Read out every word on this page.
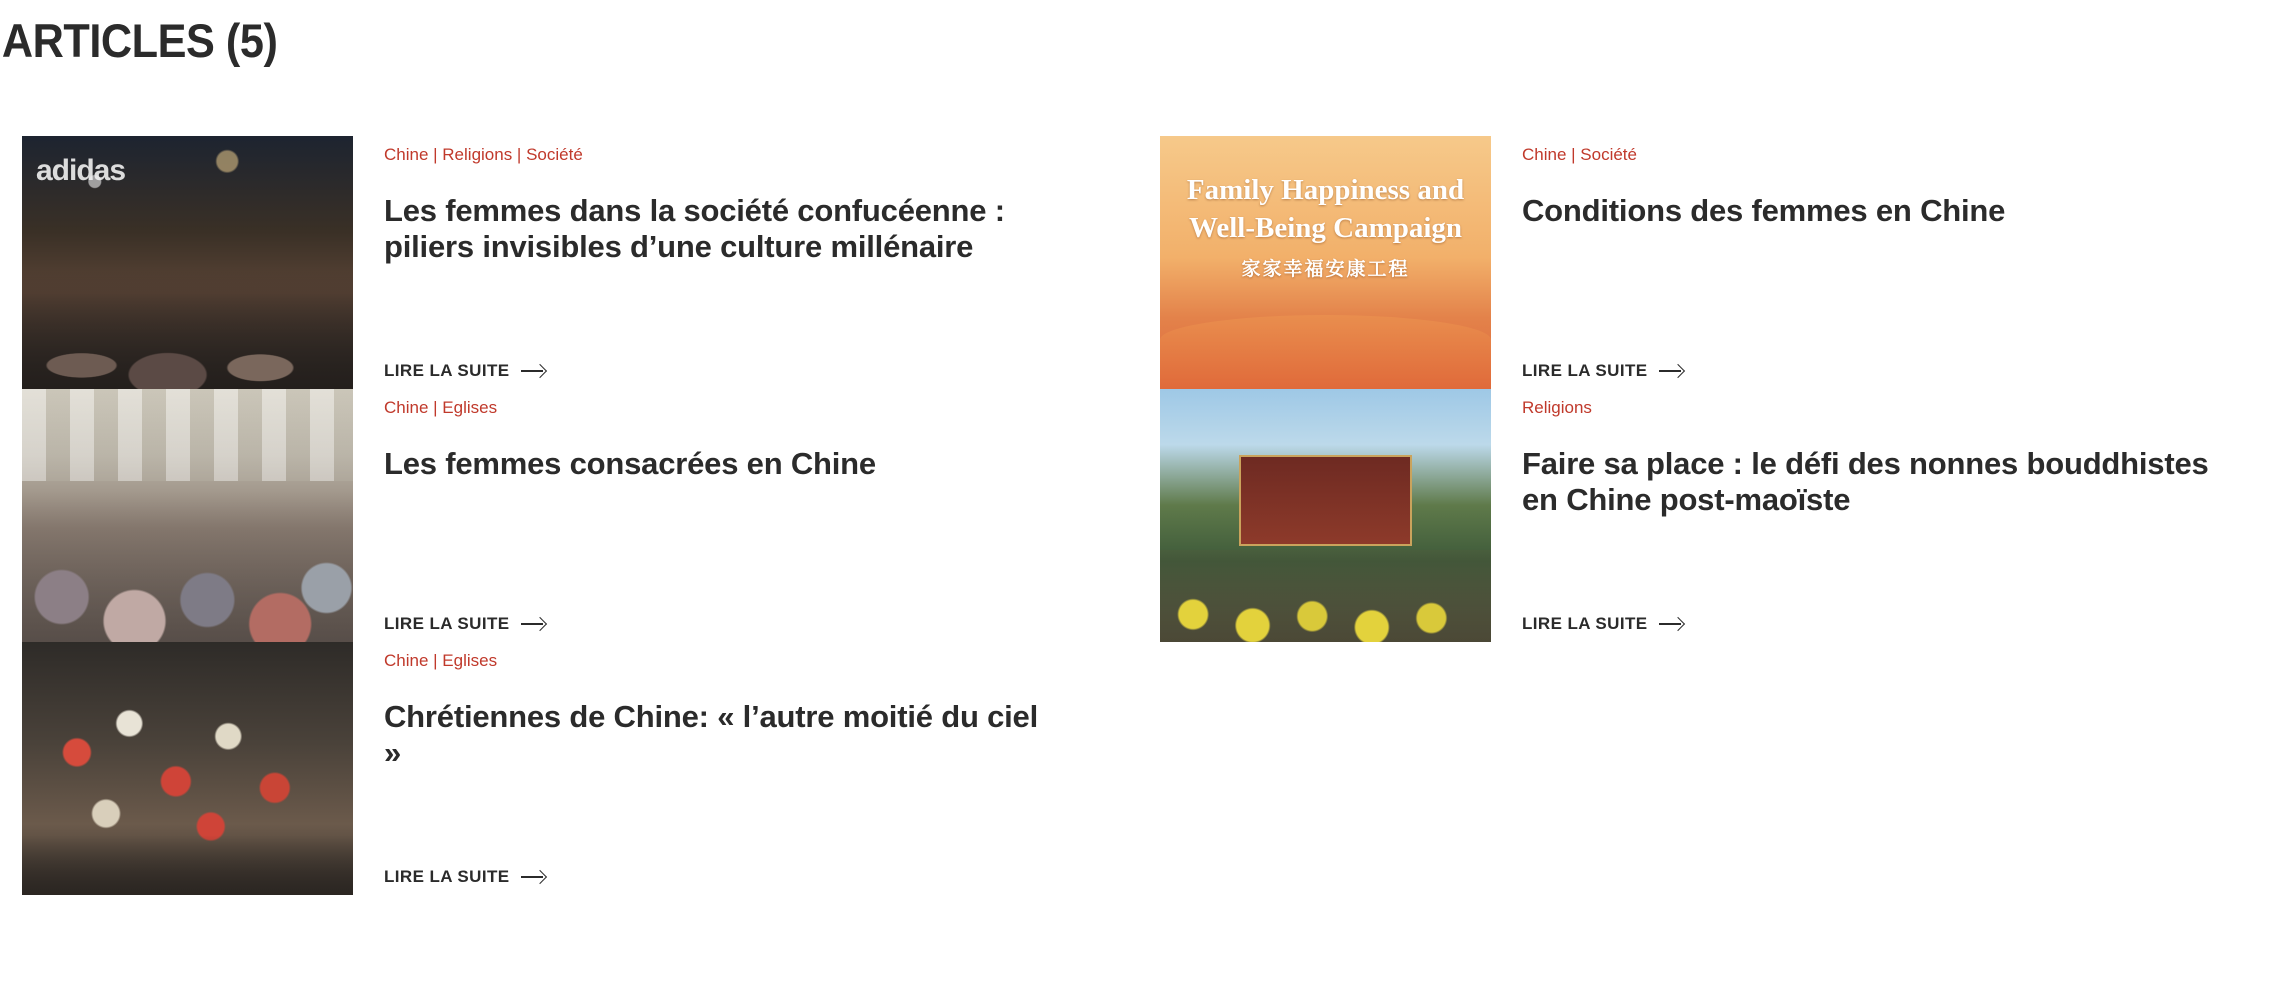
ARTICLES (5)
adidas
Chine | Religions | Société
Les femmes dans la société confucéenne : piliers invisibles d’une culture millénaire
LIRE LA SUITE
Family Happiness and
Well-Being Campaign
家家幸福安康工程
Chine | Société
Conditions des femmes en Chine
LIRE LA SUITE
Chine | Eglises
Les femmes consacrées en Chine
LIRE LA SUITE
Religions
Faire sa place : le défi des nonnes bouddhistes en Chine post-maoïste
LIRE LA SUITE
Chine | Eglises
Chrétiennes de Chine: « l’autre moitié du ciel »
LIRE LA SUITE
